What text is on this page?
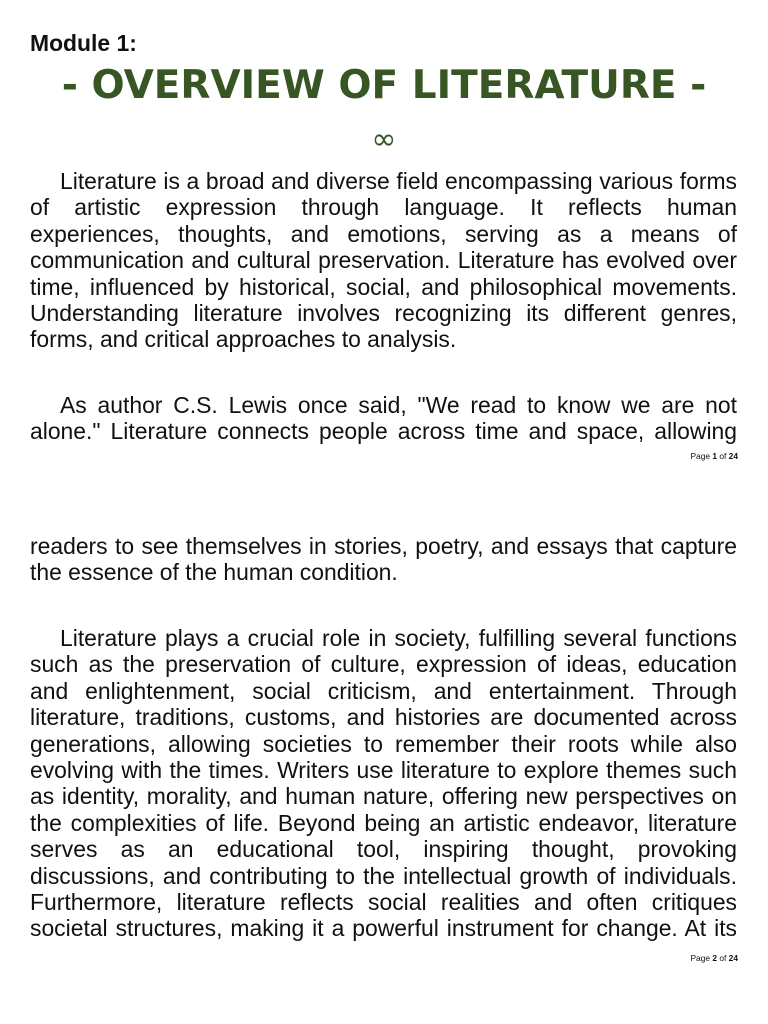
Module 1:
- OVERVIEW OF LITERATURE -
∞
Literature is a broad and diverse field encompassing various forms
of artistic expression through language. It reflects human
experiences, thoughts, and emotions, serving as a means of
communication and cultural preservation. Literature has evolved over
time, influenced by historical, social, and philosophical movements.
Understanding literature involves recognizing its different genres,
forms, and critical approaches to analysis.
As author C.S. Lewis once said, "We read to know we are not
alone." Literature connects people across time and space, allowing
Page 1 of 24
readers to see themselves in stories, poetry, and essays that capture
the essence of the human condition.
Literature plays a crucial role in society, fulfilling several functions
such as the preservation of culture, expression of ideas, education
and enlightenment, social criticism, and entertainment. Through
literature, traditions, customs, and histories are documented across
generations, allowing societies to remember their roots while also
evolving with the times. Writers use literature to explore themes such
as identity, morality, and human nature, offering new perspectives on
the complexities of life. Beyond being an artistic endeavor, literature
serves as an educational tool, inspiring thought, provoking
discussions, and contributing to the intellectual growth of individuals.
Furthermore, literature reflects social realities and often critiques
societal structures, making it a powerful instrument for change. At its
Page 2 of 24
